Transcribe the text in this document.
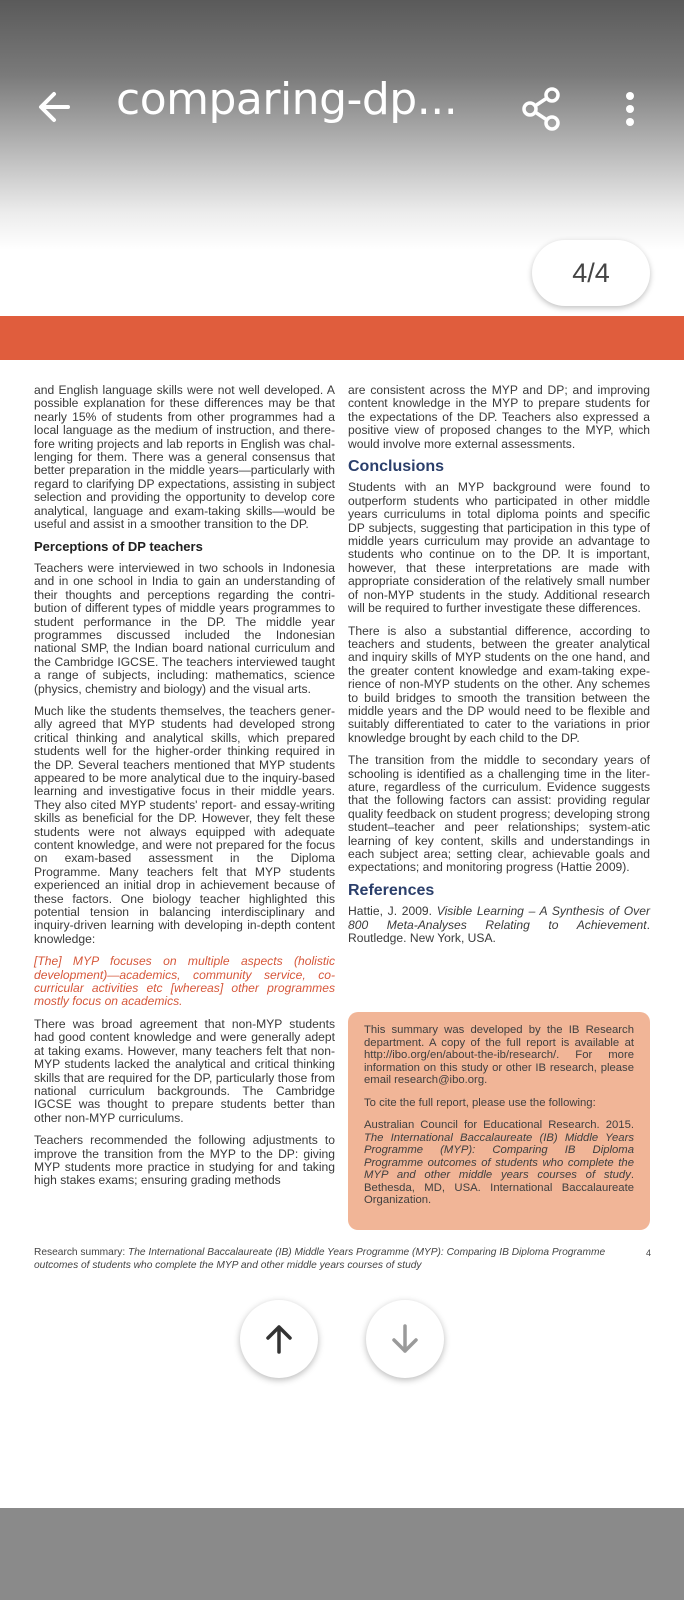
comparing-dp...
4/4

and English language skills were not well developed. A possible explanation for these differences may be that nearly 15% of students from other programmes had a local language as the medium of instruction, and there-fore writing projects and lab reports in English was chal-lenging for them. There was a general consensus that better preparation in the middle years—particularly with regard to clarifying DP expectations, assisting in subject selection and providing the opportunity to develop core analytical, language and exam-taking skills—would be useful and assist in a smoother transition to the DP.

Perceptions of DP teachers

Teachers were interviewed in two schools in Indonesia and in one school in India to gain an understanding of their thoughts and perceptions regarding the contri-bution of different types of middle years programmes to student performance in the DP. The middle year programmes discussed included the Indonesian national SMP, the Indian board national curriculum and the Cambridge IGCSE. The teachers interviewed taught a range of subjects, including: mathematics, science (physics, chemistry and biology) and the visual arts.

Much like the students themselves, the teachers gener-ally agreed that MYP students had developed strong critical thinking and analytical skills, which prepared students well for the higher-order thinking required in the DP. Several teachers mentioned that MYP students appeared to be more analytical due to the inquiry-based learning and investigative focus in their middle years. They also cited MYP students' report- and essay-writing skills as beneficial for the DP. However, they felt these students were not always equipped with adequate content knowledge, and were not prepared for the focus on exam-based assessment in the Diploma Programme. Many teachers felt that MYP students experienced an initial drop in achievement because of these factors. One biology teacher highlighted this potential tension in balancing interdisciplinary and inquiry-driven learning with developing in-depth content knowledge:

[The] MYP focuses on multiple aspects (holistic development)—academics, community service, co-curricular activities etc [whereas] other programmes mostly focus on academics.

There was broad agreement that non-MYP students had good content knowledge and were generally adept at taking exams. However, many teachers felt that non-MYP students lacked the analytical and critical thinking skills that are required for the DP, particularly those from national curriculum backgrounds. The Cambridge IGCSE was thought to prepare students better than other non-MYP curriculums.

Teachers recommended the following adjustments to improve the transition from the MYP to the DP: giving MYP students more practice in studying for and taking high stakes exams; ensuring grading methods

are consistent across the MYP and DP; and improving content knowledge in the MYP to prepare students for the expectations of the DP. Teachers also expressed a positive view of proposed changes to the MYP, which would involve more external assessments.

Conclusions

Students with an MYP background were found to outperform students who participated in other middle years curriculums in total diploma points and specific DP subjects, suggesting that participation in this type of middle years curriculum may provide an advantage to students who continue on to the DP. It is important, however, that these interpretations are made with appropriate consideration of the relatively small number of non-MYP students in the study. Additional research will be required to further investigate these differences.

There is also a substantial difference, according to teachers and students, between the greater analytical and inquiry skills of MYP students on the one hand, and the greater content knowledge and exam-taking expe-rience of non-MYP students on the other. Any schemes to build bridges to smooth the transition between the middle years and the DP would need to be flexible and suitably differentiated to cater to the variations in prior knowledge brought by each child to the DP.

The transition from the middle to secondary years of schooling is identified as a challenging time in the liter-ature, regardless of the curriculum. Evidence suggests that the following factors can assist: providing regular quality feedback on student progress; developing strong student–teacher and peer relationships; system-atic learning of key content, skills and understandings in each subject area; setting clear, achievable goals and expectations; and monitoring progress (Hattie 2009).

References

Hattie, J. 2009. Visible Learning – A Synthesis of Over 800 Meta-Analyses Relating to Achievement. Routledge. New York, USA.

This summary was developed by the IB Research department. A copy of the full report is available at http://ibo.org/en/about-the-ib/research/. For more information on this study or other IB research, please email research@ibo.org.

To cite the full report, please use the following:

Australian Council for Educational Research. 2015. The International Baccalaureate (IB) Middle Years Programme (MYP): Comparing IB Diploma Programme outcomes of students who complete the MYP and other middle years courses of study. Bethesda, MD, USA. International Baccalaureate Organization.

Research summary: The International Baccalaureate (IB) Middle Years Programme (MYP): Comparing IB Diploma Programme outcomes of students who complete the MYP and other middle years courses of study
4
